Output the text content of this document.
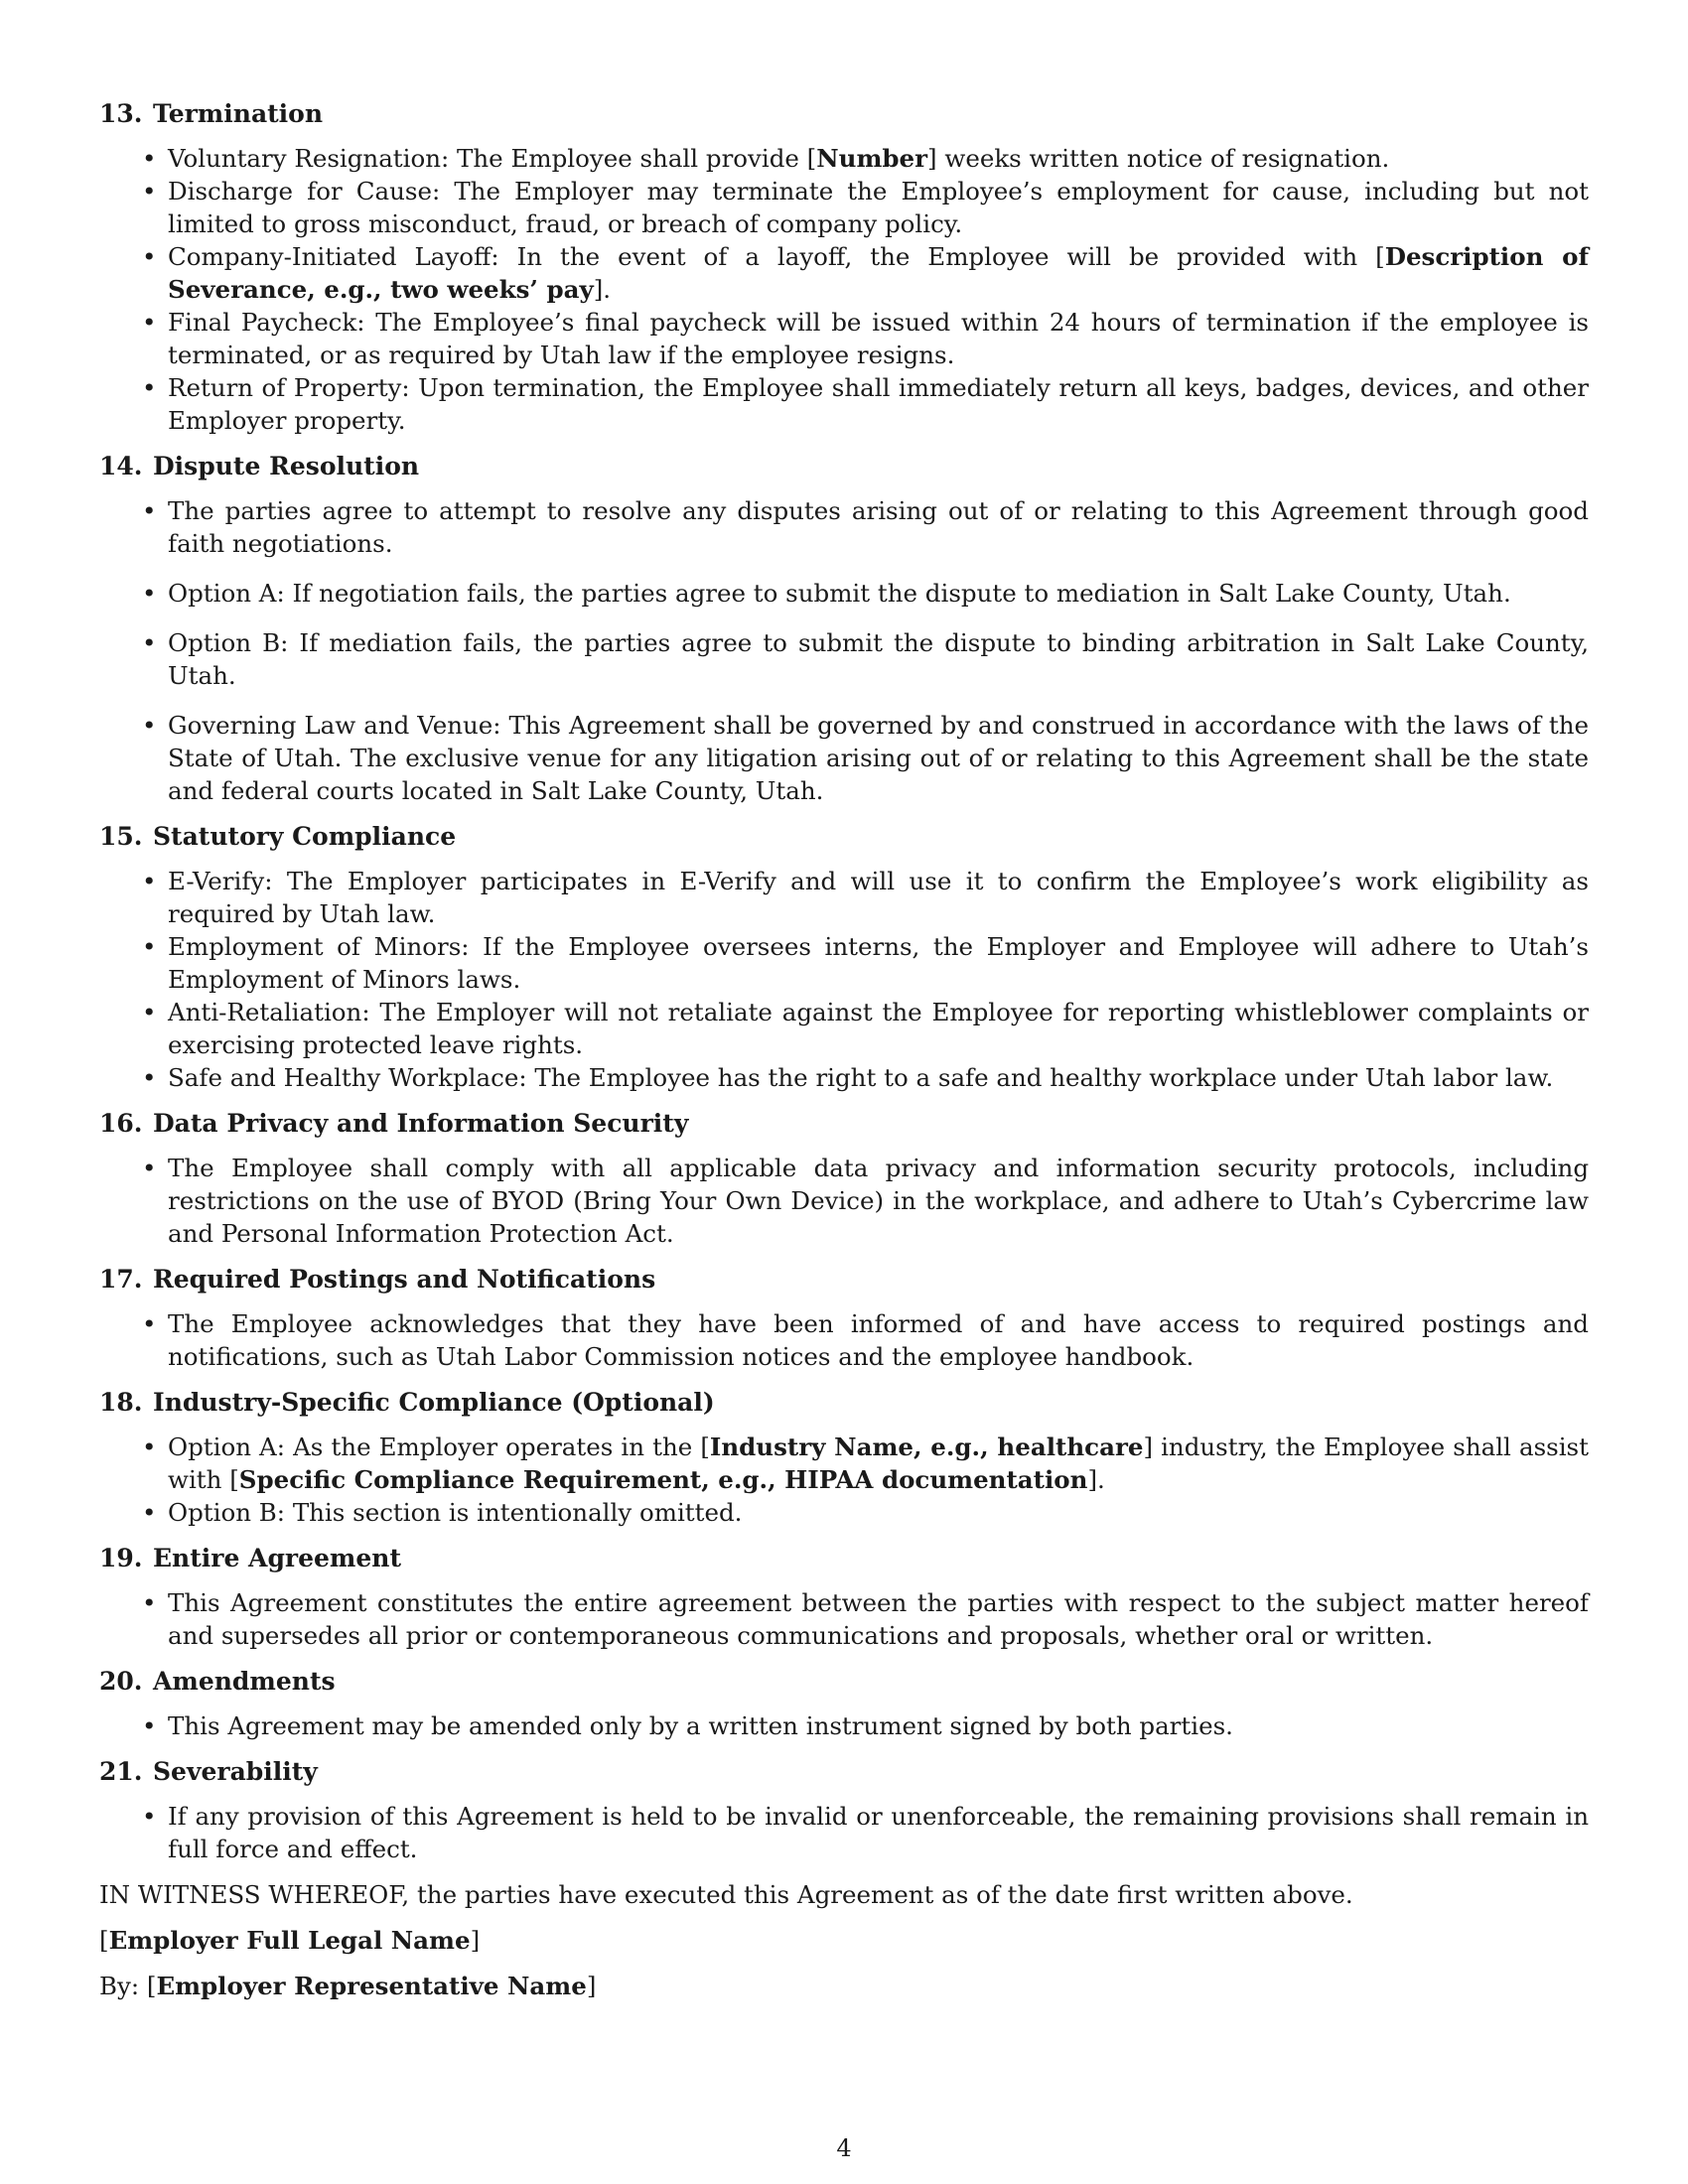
13. Termination
• Voluntary Resignation: The Employee shall provide [Number] weeks written notice of resignation.
• Discharge for Cause: The Employer may terminate the Employee’s employment for cause, including but not limited to gross misconduct, fraud, or breach of company policy.
• Company-Initiated Layoff: In the event of a layoff, the Employee will be provided with [Description of Severance, e.g., two weeks’ pay].
• Final Paycheck: The Employee’s final paycheck will be issued within 24 hours of termination if the employee is terminated, or as required by Utah law if the employee resigns.
• Return of Property: Upon termination, the Employee shall immediately return all keys, badges, devices, and other Employer property.
14. Dispute Resolution
• The parties agree to attempt to resolve any disputes arising out of or relating to this Agreement through good faith negotiations.
• Option A: If negotiation fails, the parties agree to submit the dispute to mediation in Salt Lake County, Utah.
• Option B: If mediation fails, the parties agree to submit the dispute to binding arbitration in Salt Lake County, Utah.
• Governing Law and Venue: This Agreement shall be governed by and construed in accordance with the laws of the State of Utah. The exclusive venue for any litigation arising out of or relating to this Agreement shall be the state and federal courts located in Salt Lake County, Utah.
15. Statutory Compliance
• E-Verify: The Employer participates in E-Verify and will use it to confirm the Employee’s work eligibility as required by Utah law.
• Employment of Minors: If the Employee oversees interns, the Employer and Employee will adhere to Utah’s Employment of Minors laws.
• Anti-Retaliation: The Employer will not retaliate against the Employee for reporting whistleblower complaints or exercising protected leave rights.
• Safe and Healthy Workplace: The Employee has the right to a safe and healthy workplace under Utah labor law.
16. Data Privacy and Information Security
• The Employee shall comply with all applicable data privacy and information security protocols, including restrictions on the use of BYOD (Bring Your Own Device) in the workplace, and adhere to Utah’s Cybercrime law and Personal Information Protection Act.
17. Required Postings and Notifications
• The Employee acknowledges that they have been informed of and have access to required postings and notifications, such as Utah Labor Commission notices and the employee handbook.
18. Industry-Specific Compliance (Optional)
• Option A: As the Employer operates in the [Industry Name, e.g., healthcare] industry, the Employee shall assist with [Specific Compliance Requirement, e.g., HIPAA documentation].
• Option B: This section is intentionally omitted.
19. Entire Agreement
• This Agreement constitutes the entire agreement between the parties with respect to the subject matter hereof and supersedes all prior or contemporaneous communications and proposals, whether oral or written.
20. Amendments
• This Agreement may be amended only by a written instrument signed by both parties.
21. Severability
• If any provision of this Agreement is held to be invalid or unenforceable, the remaining provisions shall remain in full force and effect.

IN WITNESS WHEREOF, the parties have executed this Agreement as of the date first written above.

[Employer Full Legal Name]

By: [Employer Representative Name]

4
